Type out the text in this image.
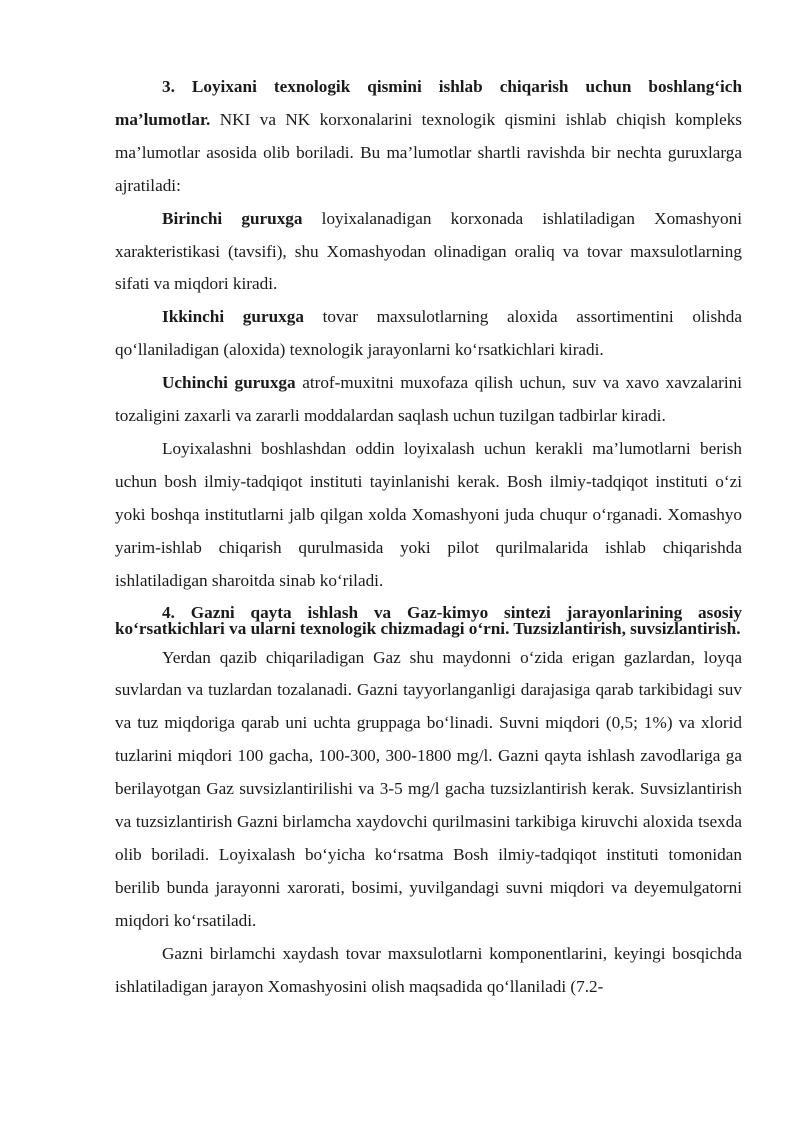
3. Loyixani texnologik qismini ishlab chiqarish uchun boshlang‘ich ma’lumotlar. NKI va NK korxonalarini texnologik qismini ishlab chiqish kompleks ma’lumotlar asosida olib boriladi. Bu ma’lumotlar shartli ravishda bir nechta guruxlarga ajratiladi:

Birinchi guruxga loyixalanadigan korxonada ishlatiladigan Xomashyoni xarakteristikasi (tavsifi), shu Xomashyodan olinadigan oraliq va tovar maxsulotlarning sifati va miqdori kiradi.

Ikkinchi guruxga tovar maxsulotlarning aloxida assortimentini olishda qo‘llaniladigan (aloxida) texnologik jarayonlarni ko‘rsatkichlari kiradi.

Uchinchi guruxga atrof-muxitni muxofaza qilish uchun, suv va xavo xavzalarini tozaligini zaxarli va zararli moddalardan saqlash uchun tuzilgan tadbirlar kiradi.

Loyixalashni boshlashdan oddin loyixalash uchun kerakli ma’lumotlarni berish uchun bosh ilmiy-tadqiqot instituti tayinlanishi kerak. Bosh ilmiy-tadqiqot instituti o‘zi yoki boshqa institutlarni jalb qilgan xolda Xomashyoni juda chuqur o‘rganadi. Xomashyo yarim-ishlab chiqarish qurulmasida yoki pilot qurilmalarida ishlab chiqarishda ishlatiladigan sharoitda sinab ko‘riladi.

4. Gazni qayta ishlash va Gaz-kimyo sintezi jarayonlarining asosiy ko‘rsatkichlari va ularni texnologik chizmadagi o‘rni. Tuzsizlantirish, suvsizlantirish.

Yerdan qazib chiqariladigan Gaz shu maydonni o‘zida erigan gazlardan, loyqa suvlardan va tuzlardan tozalanadi. Gazni tayyorlanganligi darajasiga qarab tarkibidagi suv va tuz miqdoriga qarab uni uchta gruppaga bo‘linadi. Suvni miqdori (0,5; 1%) va xlorid tuzlarini miqdori 100 gacha, 100-300, 300-1800 mg/l. Gazni qayta ishlash zavodlariga ga berilayotgan Gaz suvsizlantirilishi va 3-5 mg/l gacha tuzsizlantirish kerak. Suvsizlantirish va tuzsizlantirish Gazni birlamcha xaydovchi qurilmasini tarkibiga kiruvchi aloxida tsexda olib boriladi. Loyixalash bo‘yicha ko‘rsatma Bosh ilmiy-tadqiqot instituti tomonidan berilib bunda jarayonni xarorati, bosimi, yuvilgandagi suvni miqdori va deyemulgatorni miqdori ko‘rsatiladi.

Gazni birlamchi xaydash tovar maxsulotlarni komponentlarini, keyingi bosqichda ishlatiladigan jarayon Xomashyosini olish maqsadida qo‘llaniladi (7.2-
